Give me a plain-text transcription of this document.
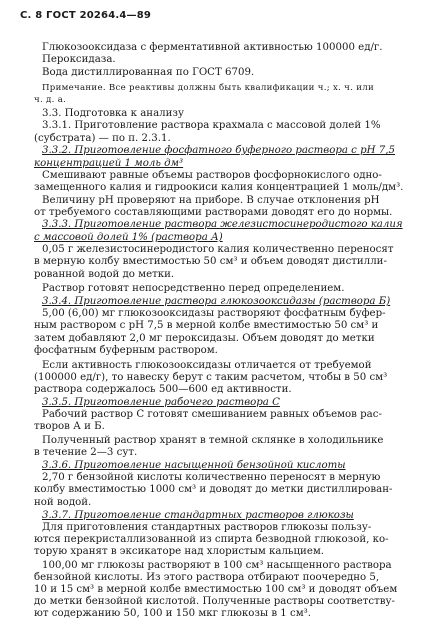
С. 8 ГОСТ 20264.4—89
Глюкозооксидаза с ферментативной активностью 100000 ед/г.
Пероксидаза.
Вода дистиллированная по ГОСТ 6709.
Примечание. Все реактивы должны быть квалификации ч.; х. ч. или
ч. д. а.
3.3. Подготовка к анализу
3.3.1. Приготовление раствора крахмала с массовой долей 1%
(субстрата) — по п. 2.3.1.
3.3.2. Приготовление фосфатного буферного раствора с pH 7,5
концентрацией 1 моль дм³
Смешивают равные объемы растворов фосфорнокислого одно-
замещенного калия и гидроокиси калия концентрацией 1 моль/дм³.
Величину pH проверяют на приборе. В случае отклонения pH
от требуемого составляющими растворами доводят его до нормы.
3.3.3. Приготовление раствора железистосинеродистого калия
с массовой долей 1% (раствора А)
0,05 г железистосинеродистого калия количественно переносят
в мерную колбу вместимостью 50 см³ и объем доводят дистилли-
рованной водой до метки.
Раствор готовят непосредственно перед определением.
3.3.4. Приготовление раствора глюкозооксидазы (раствора Б)
5,00 (6,00) мг глюкозооксидазы растворяют фосфатным буфер-
ным раствором с pH 7,5 в мерной колбе вместимостью 50 см³ и
затем добавляют 2,0 мг пероксидазы. Объем доводят до метки
фосфатным буферным раствором.
Если активность глюкозооксидазы отличается от требуемой
(100000 ед/г), то навеску берут с таким расчетом, чтобы в 50 см³
раствора содержалось 500—600 ед активности.
3.3.5. Приготовление рабочего раствора С
Рабочий раствор С готовят смешиванием равных объемов рас-
творов А и Б.
Полученный раствор хранят в темной склянке в холодильнике
в течение 2—3 сут.
3.3.6. Приготовление насыщенной бензойной кислоты
2,70 г бензойной кислоты количественно переносят в мерную
колбу вместимостью 1000 см³ и доводят до метки дистиллирован-
ной водой.
3.3.7. Приготовление стандартных растворов глюкозы
Для приготовления стандартных растворов глюкозы пользу-
ются перекристаллизованной из спирта безводной глюкозой, ко-
торую хранят в эксикаторе над хлористым кальцием.
100,00 мг глюкозы растворяют в 100 см³ насыщенного раствора
бензойной кислоты. Из этого раствора отбирают поочередно 5,
10 и 15 см³ в мерной колбе вместимостью 100 см³ и доводят объем
до метки бензойной кислотой. Полученные растворы соответству-
ют содержанию 50, 100 и 150 мкг глюкозы в 1 см³.
